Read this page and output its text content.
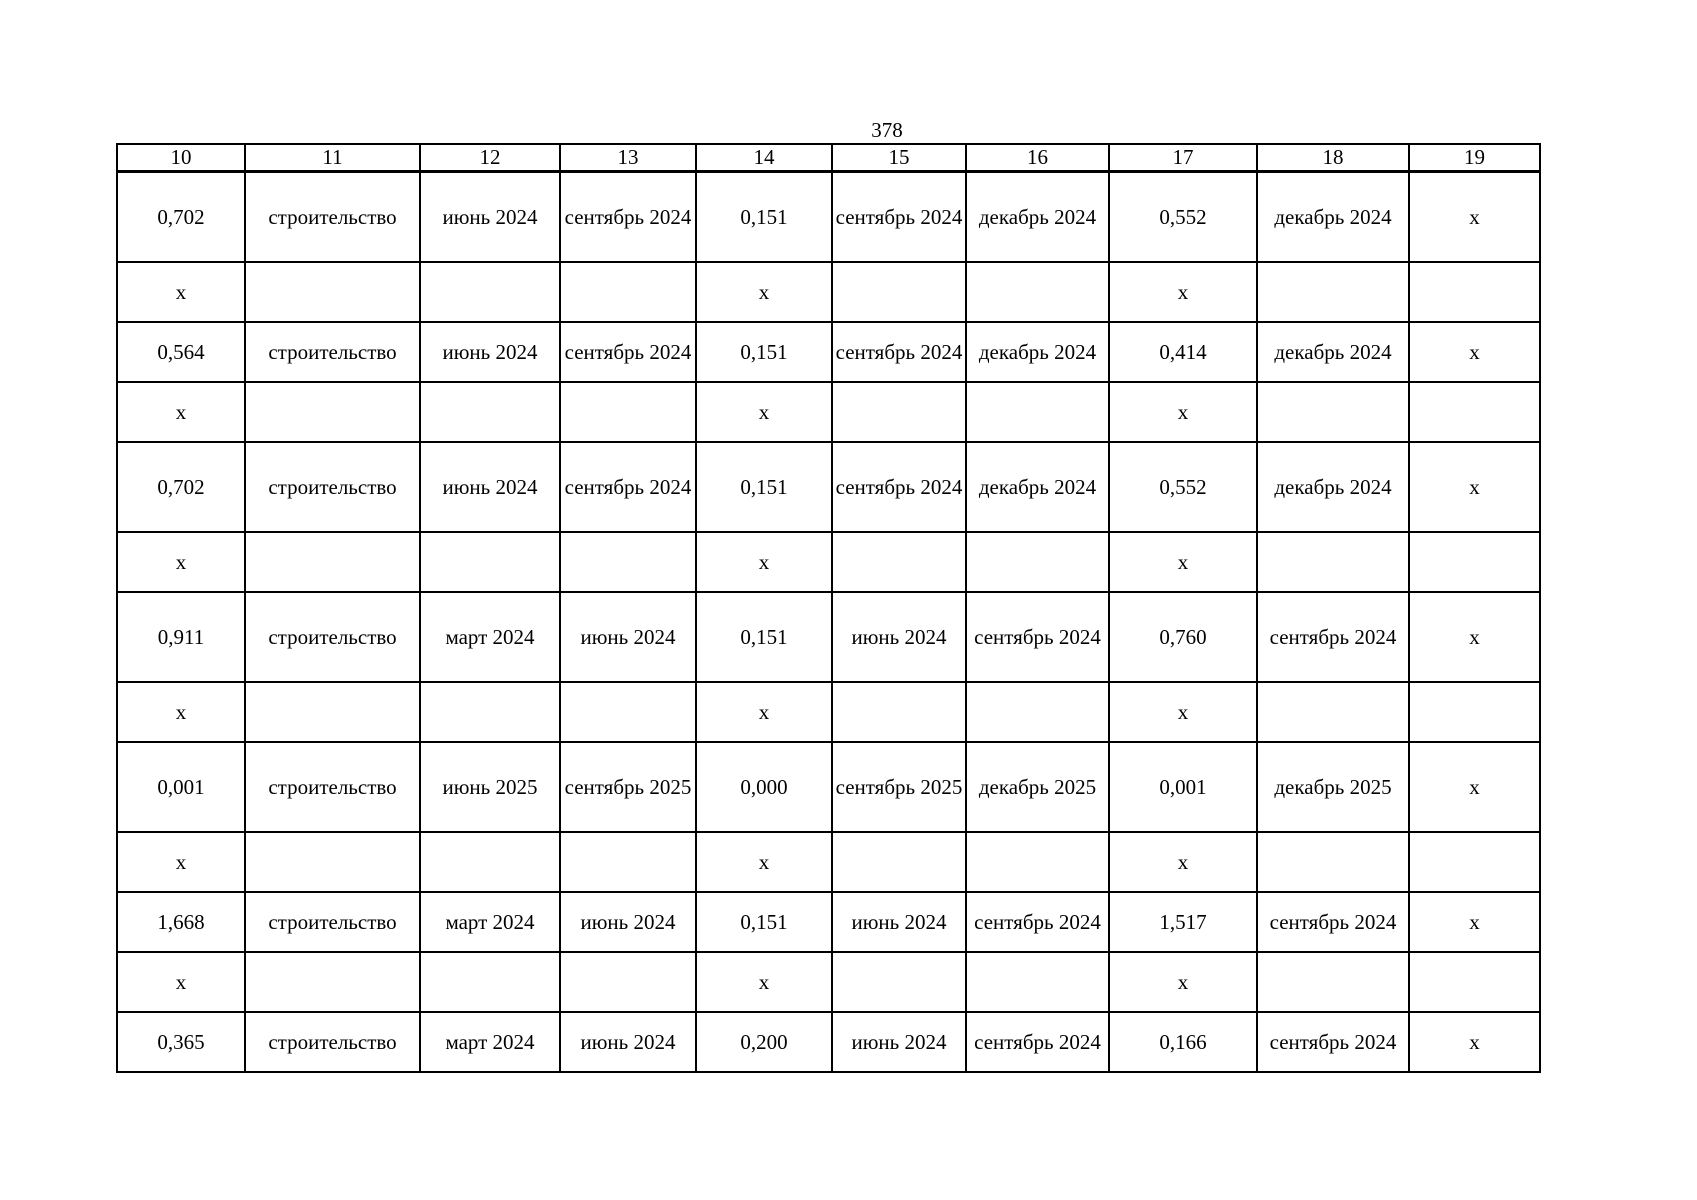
378
10	11	12	13	14	15	16	17	18	19
0,702	строительство	июнь 2024	сентябрь 2024	0,151	сентябрь 2024	декабрь 2024	0,552	декабрь 2024	x
x				x			x		
0,564	строительство	июнь 2024	сентябрь 2024	0,151	сентябрь 2024	декабрь 2024	0,414	декабрь 2024	x
x				x			x		
0,702	строительство	июнь 2024	сентябрь 2024	0,151	сентябрь 2024	декабрь 2024	0,552	декабрь 2024	x
x				x			x		
0,911	строительство	март 2024	июнь 2024	0,151	июнь 2024	сентябрь 2024	0,760	сентябрь 2024	x
x				x			x		
0,001	строительство	июнь 2025	сентябрь 2025	0,000	сентябрь 2025	декабрь 2025	0,001	декабрь 2025	x
x				x			x		
1,668	строительство	март 2024	июнь 2024	0,151	июнь 2024	сентябрь 2024	1,517	сентябрь 2024	x
x				x			x		
0,365	строительство	март 2024	июнь 2024	0,200	июнь 2024	сентябрь 2024	0,166	сентябрь 2024	x
